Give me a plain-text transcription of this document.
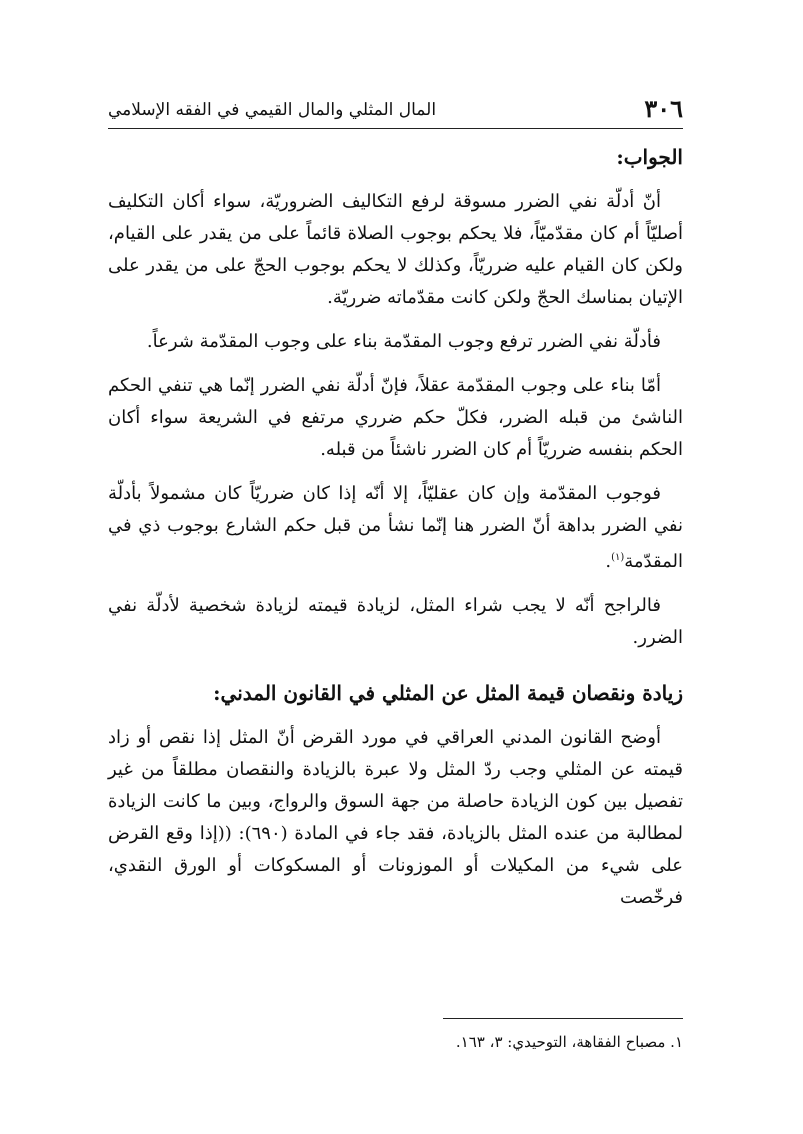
٣٠٦
المال المثلي والمال القيمي في الفقه الإسلامي
الجواب:

أنّ أدلّة نفي الضرر مسوقة لرفع التكاليف الضروريّة، سواء أكان التكليف أصليّاً أم كان مقدّميّاً، فلا يحكم بوجوب الصلاة قائماً على من يقدر على القيام، ولكن كان القيام عليه ضرريّاً، وكذلك لا يحكم بوجوب الحجّ على من يقدر على الإتيان بمناسك الحجّ ولكن كانت مقدّماته ضرريّة.

فأدلّة نفي الضرر ترفع وجوب المقدّمة بناء على وجوب المقدّمة شرعاً.

أمّا بناء على وجوب المقدّمة عقلاً، فإنّ أدلّة نفي الضرر إنّما هي تنفي الحكم الناشئ من قبله الضرر، فكلّ حكم ضرري مرتفع في الشريعة سواء أكان الحكم بنفسه ضرريّاً أم كان الضرر ناشئاً من قبله.

فوجوب المقدّمة وإن كان عقليّاً، إلا أنّه إذا كان ضرريّاً كان مشمولاً بأدلّة نفي الضرر بداهة أنّ الضرر هنا إنّما نشأ من قبل حكم الشارع بوجوب ذي في المقدّمة$^{(١)}$.

فالراجح أنّه لا يجب شراء المثل، لزيادة قيمته لزيادة شخصية لأدلّة نفي الضرر.

زيادة ونقصان قيمة المثل عن المثلي في القانون المدني:

أوضح القانون المدني العراقي في مورد القرض أنّ المثل إذا نقص أو زاد قيمته عن المثلي وجب ردّ المثل ولا عبرة بالزيادة والنقصان مطلقاً من غير تفصيل بين كون الزيادة حاصلة من جهة السوق والرواج، وبين ما كانت الزيادة لمطالبة من عنده المثل بالزيادة، فقد جاء في المادة (٦٩٠): ((إذا وقع القرض على شيء من المكيلات أو الموزونات أو المسكوكات أو الورق النقدي، فرخّصت

١. مصباح الفقاهة، التوحيدي: ٣، ١٦٣.
